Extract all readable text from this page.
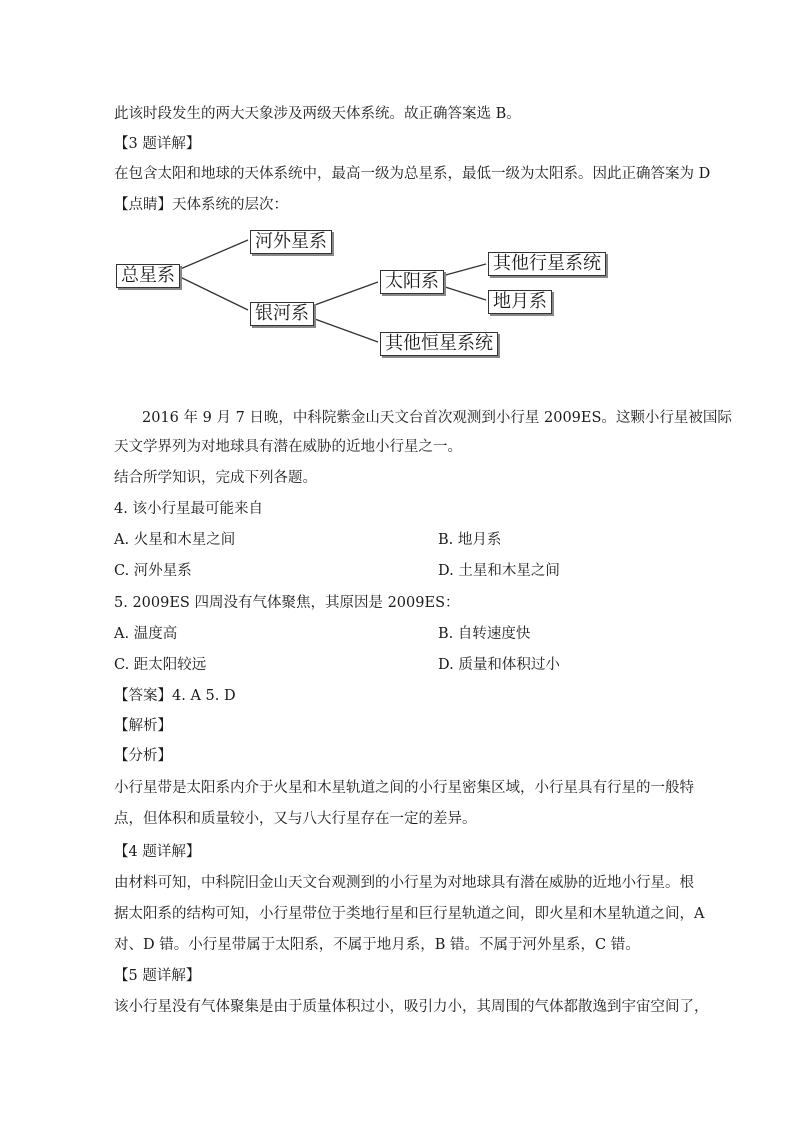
此该时段发生的两大天象涉及两级天体系统。故正确答案选 B。
【3 题详解】
在包含太阳和地球的天体系统中，最高一级为总星系，最低一级为太阳系。因此正确答案为 D
【点睛】天体系统的层次：
总星系
河外星系
银河系
太阳系
其他行星系统
地月系
其他恒星系统
2016 年 9 月 7 日晚，中科院紫金山天文台首次观测到小行星 2009ES。这颗小行星被国际
天文学界列为对地球具有潜在威胁的近地小行星之一。
结合所学知识，完成下列各题。
4. 该小行星最可能来自
A. 火星和木星之间	B. 地月系
C. 河外星系	D. 土星和木星之间
5. 2009ES 四周没有气体聚焦，其原因是 2009ES：
A. 温度高	B. 自转速度快
C. 距太阳较远	D. 质量和体积过小
【答案】4. A 5. D
【解析】
【分析】
小行星带是太阳系内介于火星和木星轨道之间的小行星密集区域，小行星具有行星的一般特
点，但体积和质量较小，又与八大行星存在一定的差异。
【4 题详解】
由材料可知，中科院旧金山天文台观测到的小行星为对地球具有潜在威胁的近地小行星。根
据太阳系的结构可知，小行星带位于类地行星和巨行星轨道之间，即火星和木星轨道之间，A
对、D 错。小行星带属于太阳系，不属于地月系，B 错。不属于河外星系，C 错。
【5 题详解】
该小行星没有气体聚集是由于质量体积过小，吸引力小，其周围的气体都散逸到宇宙空间了，
